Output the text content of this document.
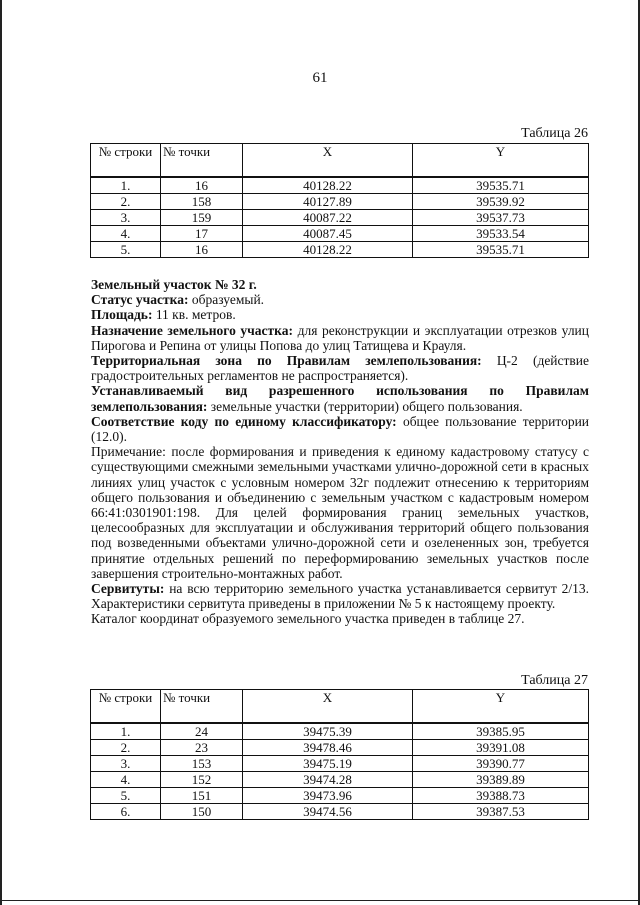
61
Таблица 26
№ строки	№ точки	X	Y
1.	16	40128.22	39535.71
2.	158	40127.89	39539.92
3.	159	40087.22	39537.73
4.	17	40087.45	39533.54
5.	16	40128.22	39535.71

Земельный участок № 32 г.

Статус участка: образуемый.

Площадь: 11 кв. метров.

Назначение земельного участка: для реконструкции и эксплуатации отрезков улиц Пирогова и Репина от улицы Попова до улиц Татищева и Крауля.

Территориальная зона по Правилам землепользования: Ц-2 (действие градостроительных регламентов не распространяется).

Устанавливаемый вид разрешенного использования по Правилам землепользования: земельные участки (территории) общего пользования.

Соответствие коду по единому классификатору: общее пользование территории (12.0).

Примечание: после формирования и приведения к единому кадастровому статусу с существующими смежными земельными участками улично-дорожной сети в красных линиях улиц участок с условным номером 32г подлежит отнесению к территориям общего пользования и объединению с земельным участком с кадастровым номером 66:41:0301901:198. Для целей формирования границ земельных участков, целесообразных для эксплуатации и обслуживания территорий общего пользования под возведенными объектами улично-дорожной сети и озелененных зон, требуется принятие отдельных решений по переформированию земельных участков после завершения строительно-монтажных работ.

Сервитуты: на всю территорию земельного участка устанавливается сервитут 2/13. Характеристики сервитута приведены в приложении № 5 к настоящему проекту.

Каталог координат образуемого земельного участка приведен в таблице 27.

Таблица 27
№ строки	№ точки	X	Y
1.	24	39475.39	39385.95
2.	23	39478.46	39391.08
3.	153	39475.19	39390.77
4.	152	39474.28	39389.89
5.	151	39473.96	39388.73
6.	150	39474.56	39387.53
